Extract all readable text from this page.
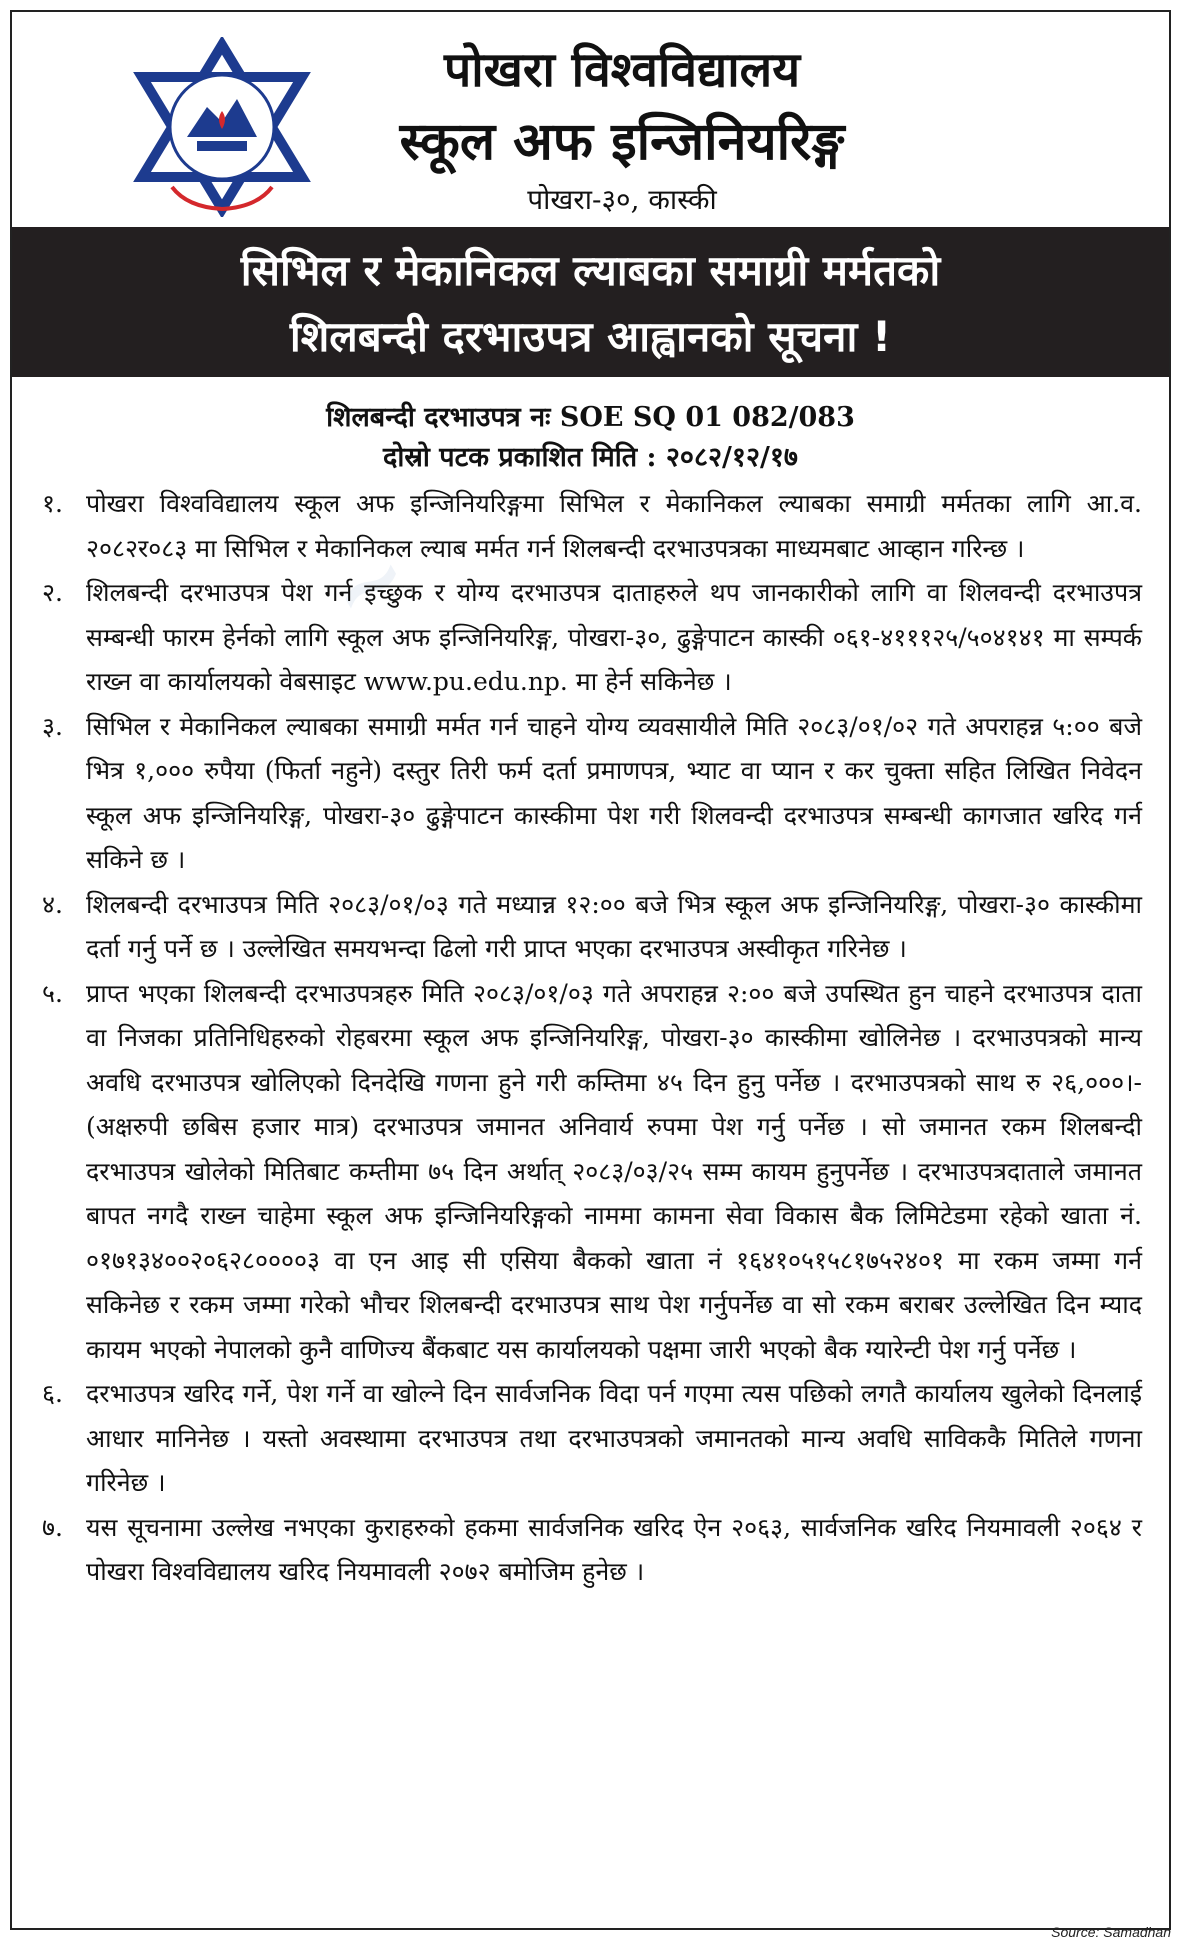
पोखरा विश्वविद्यालय
स्कूल अफ इन्जिनियरिङ्ग
पोखरा-३०, कास्की
सिभिल र मेकानिकल ल्याबका समाग्री मर्मतको
शिलबन्दी दरभाउपत्र आह्वानको सूचना !
शिलबन्दी दरभाउपत्र नः SOE SQ 01 082/083
दोस्रो पटक प्रकाशित मिति : २०८२/१२/१७
~
१. पोखरा विश्वविद्यालय स्कूल अफ इन्जिनियरिङ्गमा सिभिल र मेकानिकल ल्याबका समाग्री मर्मतका लागि आ.व. २०८२र०८३ मा सिभिल र मेकानिकल ल्याब मर्मत गर्न शिलबन्दी दरभाउपत्रका माध्यमबाट आव्हान गरिन्छ ।
२. शिलबन्दी दरभाउपत्र पेश गर्न इच्छुक र योग्य दरभाउपत्र दाताहरुले थप जानकारीको लागि वा शिलवन्दी दरभाउपत्र सम्बन्धी फारम हेर्नको लागि स्कूल अफ इन्जिनियरिङ्ग, पोखरा-३०, ढुङ्गेपाटन कास्की ०६१-४१११२५/५०४१४१ मा सम्पर्क राख्न वा कार्यालयको वेबसाइट www.pu.edu.np. मा हेर्न सकिनेछ ।
३. सिभिल र मेकानिकल ल्याबका समाग्री मर्मत गर्न चाहने योग्य व्यवसायीले मिति २०८३/०१/०२ गते अपराहन्न ५:०० बजे भित्र १,००० रुपैया (फिर्ता नहुने) दस्तुर तिरी फर्म दर्ता प्रमाणपत्र, भ्याट वा प्यान र कर चुक्ता सहित लिखित निवेदन स्कूल अफ इन्जिनियरिङ्ग, पोखरा-३० ढुङ्गेपाटन कास्कीमा पेश गरी शिलवन्दी दरभाउपत्र सम्बन्धी कागजात खरिद गर्न सकिने छ ।
४. शिलबन्दी दरभाउपत्र मिति २०८३/०१/०३ गते मध्यान्न १२:०० बजे भित्र स्कूल अफ इन्जिनियरिङ्ग, पोखरा-३० कास्कीमा दर्ता गर्नु पर्ने छ । उल्लेखित समयभन्दा ढिलो गरी प्राप्त भएका दरभाउपत्र अस्वीकृत गरिनेछ ।
५. प्राप्त भएका शिलबन्दी दरभाउपत्रहरु मिति २०८३/०१/०३ गते अपराहन्न २:०० बजे उपस्थित हुन चाहने दरभाउपत्र दाता वा निजका प्रतिनिधिहरुको रोहबरमा स्कूल अफ इन्जिनियरिङ्ग, पोखरा-३० कास्कीमा खोलिनेछ । दरभाउपत्रको मान्य अवधि दरभाउपत्र खोलिएको दिनदेखि गणना हुने गरी कम्तिमा ४५ दिन हुनु पर्नेछ । दरभाउपत्रको साथ रु २६,०००।- (अक्षरुपी छबिस हजार मात्र) दरभाउपत्र जमानत अनिवार्य रुपमा पेश गर्नु पर्नेछ । सो जमानत रकम शिलबन्दी दरभाउपत्र खोलेको मितिबाट कम्तीमा ७५ दिन अर्थात् २०८३/०३/२५ सम्म कायम हुनुपर्नेछ । दरभाउपत्रदाताले जमानत बापत नगदै राख्न चाहेमा स्कूल अफ इन्जिनियरिङ्गको नाममा कामना सेवा विकास बैक लिमिटेडमा रहेको खाता नं. ०१७१३४००२०६२८००००३ वा एन आइ सी एसिया बैकको खाता नं १६४१०५१५८१७५२४०१ मा रकम जम्मा गर्न सकिनेछ र रकम जम्मा गरेको भौचर शिलबन्दी दरभाउपत्र साथ पेश गर्नुपर्नेछ वा सो रकम बराबर उल्लेखित दिन म्याद कायम भएको नेपालको कुनै वाणिज्य बैंकबाट यस कार्यालयको पक्षमा जारी भएको बैक ग्यारेन्टी पेश गर्नु पर्नेछ ।
६. दरभाउपत्र खरिद गर्ने, पेश गर्ने वा खोल्ने दिन सार्वजनिक विदा पर्न गएमा त्यस पछिको लगतै कार्यालय खुलेको दिनलाई आधार मानिनेछ । यस्तो अवस्थामा दरभाउपत्र तथा दरभाउपत्रको जमानतको मान्य अवधि साविककै मितिले गणना गरिनेछ ।
७. यस सूचनामा उल्लेख नभएका कुराहरुको हकमा सार्वजनिक खरिद ऐन २०६३, सार्वजनिक खरिद नियमावली २०६४ र पोखरा विश्वविद्यालय खरिद नियमावली २०७२ बमोजिम हुनेछ ।
Source: Samadhan
